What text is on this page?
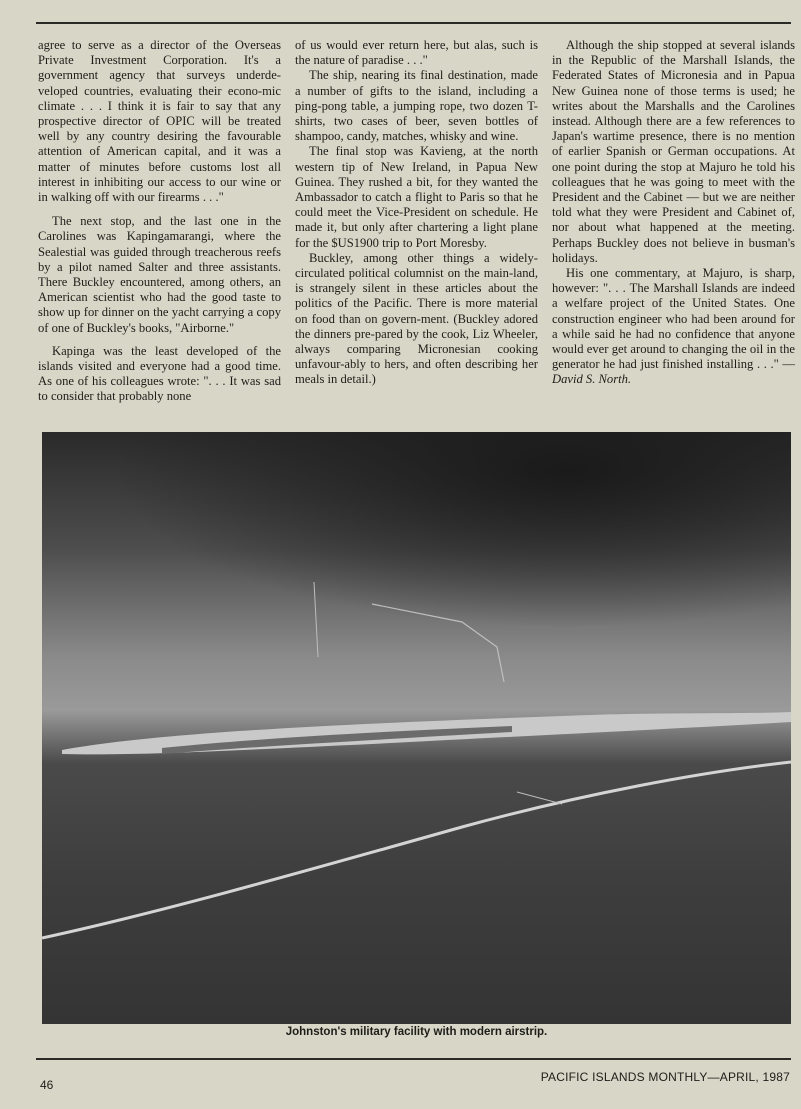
agree to serve as a director of the Overseas Private Investment Corporation. It's a government agency that surveys underde-veloped countries, evaluating their econo-mic climate . . . I think it is fair to say that any prospective director of OPIC will be treated well by any country desiring the favourable attention of American capital, and it was a matter of minutes before customs lost all interest in inhibiting our access to our wine or in walking off with our firearms . . ."

The next stop, and the last one in the Carolines was Kapingamarangi, where the Sealestial was guided through treacherous reefs by a pilot named Salter and three assistants. There Buckley encountered, among others, an American scientist who had the good taste to show up for dinner on the yacht carrying a copy of one of Buckley's books, "Airborne."

Kapinga was the least developed of the islands visited and everyone had a good time. As one of his colleagues wrote: ". . . It was sad to consider that probably none

of us would ever return here, but alas, such is the nature of paradise . . ."

The ship, nearing its final destination, made a number of gifts to the island, including a ping-pong table, a jumping rope, two dozen T-shirts, two cases of beer, seven bottles of shampoo, candy, matches, whisky and wine.

The final stop was Kavieng, at the north western tip of New Ireland, in Papua New Guinea. They rushed a bit, for they wanted the Ambassador to catch a flight to Paris so that he could meet the Vice-President on schedule. He made it, but only after chartering a light plane for the $US1900 trip to Port Moresby.

Buckley, among other things a widely-circulated political columnist on the main-land, is strangely silent in these articles about the politics of the Pacific. There is more material on food than on govern-ment. (Buckley adored the dinners pre-pared by the cook, Liz Wheeler, always comparing Micronesian cooking unfavour-ably to hers, and often describing her meals in detail.)

Although the ship stopped at several islands in the Republic of the Marshall Islands, the Federated States of Micronesia and in Papua New Guinea none of those terms is used; he writes about the Marshalls and the Carolines instead. Although there are a few references to Japan's wartime presence, there is no mention of earlier Spanish or German occupations. At one point during the stop at Majuro he told his colleagues that he was going to meet with the President and the Cabinet — but we are neither told what they were President and Cabinet of, nor about what happened at the meeting. Perhaps Buckley does not believe in busman's holidays.

His one commentary, at Majuro, is sharp, however: ". . . The Marshall Islands are indeed a welfare project of the United States. One construction engineer who had been around for a while said he had no confidence that anyone would ever get around to changing the oil in the generator he had just finished installing . . ." — David S. North.

Johnston's military facility with modern airstrip.
46
PACIFIC ISLANDS MONTHLY—APRIL, 1987
